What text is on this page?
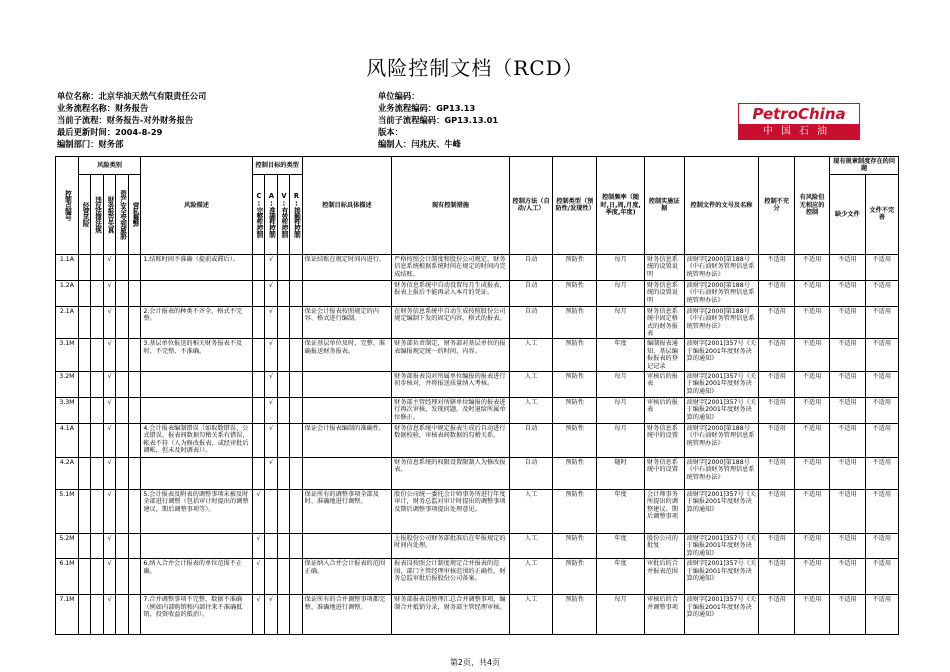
风险控制文档（RCD）
单位名称：北京华油天然气有限责任公司
业务流程名称：财务报告
当前子流程：财务报告-对外财务报告
最后更新时间：2004-8-29
编制部门：财务部
单位编码：
业务流程编码：GP13.13
当前子流程编码：GP13.13.01
版本：
编制人：闫兆庆、牛峰
PetroChina
中国石油
控制点编号	风险类别					风险描述	控制目标的类型				控制目标具体描述	现有控制措施	控制方法（自动/人工）	控制类型（预防性/发现性）	控制频率（随时,日,周,月度,季度,年度)	控制实施证据	控制文件的文号及名称	控制不充分	有风险但无相应的控制	现有规章制度存在的问题	

	经营风险	违反法律法规	财务报告失真	资产安全受到威胁	营私舞弊		C:完整性控制	A:准确性控制	V:有效性控制	R:接触性控制										缺少文件	文件不完善
1.1A			√			1.结账时间不准确（提前或滞后）。		√			保证结账在规定时间内进行。	严格按照会计制度和股份公司规定，财务信息系统根据系统时间在规定的时间内完成结账。	自动	预防性	每月	财务信息系统的设置说明	油财字[2000]第188号《中石油财务管理信息系统管理办法》	不适用	不适用	不适用	不适用
1.2A			√					√				财务信息系统中自动设置每月生成报表，报表上报后不能再录入本月的凭证。	自动	预防性	每月	财务信息系统的设置说明	油财字[2000]第188号《中石油财务管理信息系统管理办法》	不适用	不适用	不适用	不适用
2.1A			√			2.会计报表的种类不齐全，格式不完整。		√			保证会计报表按照规定的内容、格式进行编制。	在财务信息系统中自动生成按照股份公司规定编制下发的固定内容、格式的报表。	自动	预防性	每月	财务信息系统中固定格式的财务报表	油财字[2000]第188号《中石油财务管理信息系统管理办法》	不适用	不适用	不适用	不适用
3.1M			√			3.基层单位报送的相关财务报表不及时、不完整、不准确。		√			保证基层单位及时、完整、准确报送财务报表。	财务部负责制定，财务部对基层单位的报表编报规定统一的时间、内容。	人工	预防性	年度	编制报表通知、基层编报报表的登记记录	油财字[2001]357号《关于编报2001年度财务决算的通知》	不适用	不适用	不适用	不适用
3.2M			√					√				财务部报表岗对所属单位编报的报表进行初步核对，并将报送质量纳入考核。	人工	预防性	每月	审核后的报表	油财字[2001]357号《关于编报2001年度财务决算的通知》	不适用	不适用	不适用	不适用
3.3M			√					√				财务部主管经理对所辖单位编报的报表进行再次审核，发现问题，及时退给所属单位修正。	人工	预防性	每月	审核后的报表	油财字[2001]357号《关于编报2001年度财务决算的通知》	不适用	不适用	不适用	不适用
4.1A			√			4.会计报表编制错误（如取数错误、公式错误、报表间数据勾稽关系有错误，帐表不符（人为修改报表，或经审批后调帐，但未及时调表））。		√			保证会计报表编制的准确性。	财务信息系统中规定报表生成后自动进行数据校验，审核表间数据的勾稽关系。	自动	预防性	每月	财务信息系统中的设置	油财字[2000]第188号《中石油财务管理信息系统管理办法》	不适用	不适用	不适用	不适用
4.2A			√					√				财务信息系统的权限设置限制人为修改报表。	自动	预防性	随时	财务信息系统中的设置	油财字[2000]第188号《中石油财务管理信息系统管理办法》	不适用	不适用	不适用	不适用
5.1M			√			5.会计报表及附表的调整事项未被及时全部进行调整（包括审计时提出的调整建议，期后调整事项等）。	√				保证所有的调整事项全部及时、准确地进行调整。	股份公司统一委托会计师事务所进行年度审计，财务总监对审计时提出的调整事项及期后调整事项提出处理意见。	人工	预防性	年度	会计师事务所提出的调整建议、期后调整事项	油财字[2001]357号《关于编报2001年度财务决算的通知》	不适用	不适用	不适用	不适用
5.2M			√				√					上报股份公司财务部批准后在年报规定的时间内处理。	人工	预防性	年度	股份公司的批复	油财字[2001]357号《关于编报2001年度财务决算的通知》	不适用	不适用	不适用	不适用
6.1M			√			6.纳入合并会计报表的单位范围不正确。	√				保证纳入合并会计报表的范围正确。	报表岗按照会计制度规定合并报表的范围，部门主管经理审核范围的正确性，财务总监审批后报股份公司备案。	人工	预防性	年度	审批后的合并报表范围	油财字[2001]357号《关于编报2001年度财务决算的通知》	不适用	不适用	不适用	不适用
7.1M			√			7.合并调整事项不完整，数据不准确（例如内部购销和内部往来不准确抵销，投资收益的抵消）。	√	√			保证所有的合并调整事项都完整、准确地进行调整。	财务部报表岗整理汇总合并调整事项，编制合并抵销分录，财务部主管经理审核。	人工	预防性	每月	审核后的合并调整事项	油财字[2001]357号《关于编报2001年度财务决算的通知》	不适用	不适用	不适用	不适用
第2页，共4页
